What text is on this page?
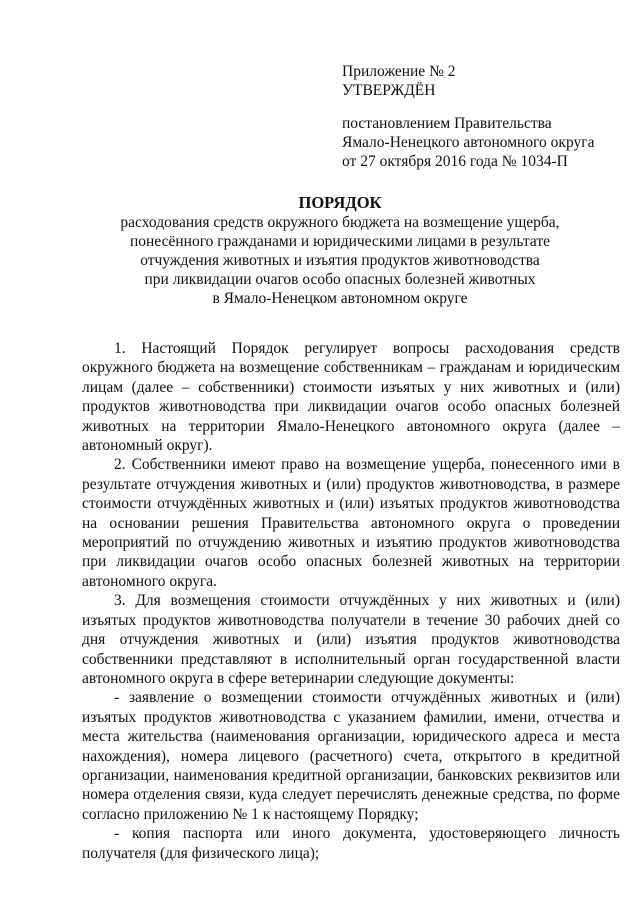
Приложение № 2
УТВЕРЖДЁН
постановлением Правительства
Ямало-Ненецкого автономного округа
от 27 октября 2016 года № 1034-П
ПОРЯДОК
расходования средств окружного бюджета на возмещение ущерба,
понесённого гражданами и юридическими лицами в результате
отчуждения животных и изъятия продуктов животноводства
при ликвидации очагов особо опасных болезней животных
в Ямало-Ненецком автономном округе

1. Настоящий Порядок регулирует вопросы расходования средств окружного бюджета на возмещение собственникам – гражданам и юридическим лицам (далее – собственники) стоимости изъятых у них животных и (или) продуктов животноводства при ликвидации очагов особо опасных болезней животных на территории Ямало-Ненецкого автономного округа (далее – автономный округ).

2. Собственники имеют право на возмещение ущерба, понесенного ими в результате отчуждения животных и (или) продуктов животноводства, в размере стоимости отчуждённых животных и (или) изъятых продуктов животноводства на основании решения Правительства автономного округа о проведении мероприятий по отчуждению животных и изъятию продуктов животноводства при ликвидации очагов особо опасных болезней животных на территории автономного округа.

3. Для возмещения стоимости отчуждённых у них животных и (или) изъятых продуктов животноводства получатели в течение 30 рабочих дней со дня отчуждения животных и (или) изъятия продуктов животноводства собственники представляют в исполнительный орган государственной власти автономного округа в сфере ветеринарии следующие документы:

- заявление о возмещении стоимости отчуждённых животных и (или) изъятых продуктов животноводства с указанием фамилии, имени, отчества и места жительства (наименования организации, юридического адреса и места нахождения), номера лицевого (расчетного) счета, открытого в кредитной организации, наименования кредитной организации, банковских реквизитов или номера отделения связи, куда следует перечислять денежные средства, по форме согласно приложению № 1 к настоящему Порядку;

- копия паспорта или иного документа, удостоверяющего личность получателя (для физического лица);
